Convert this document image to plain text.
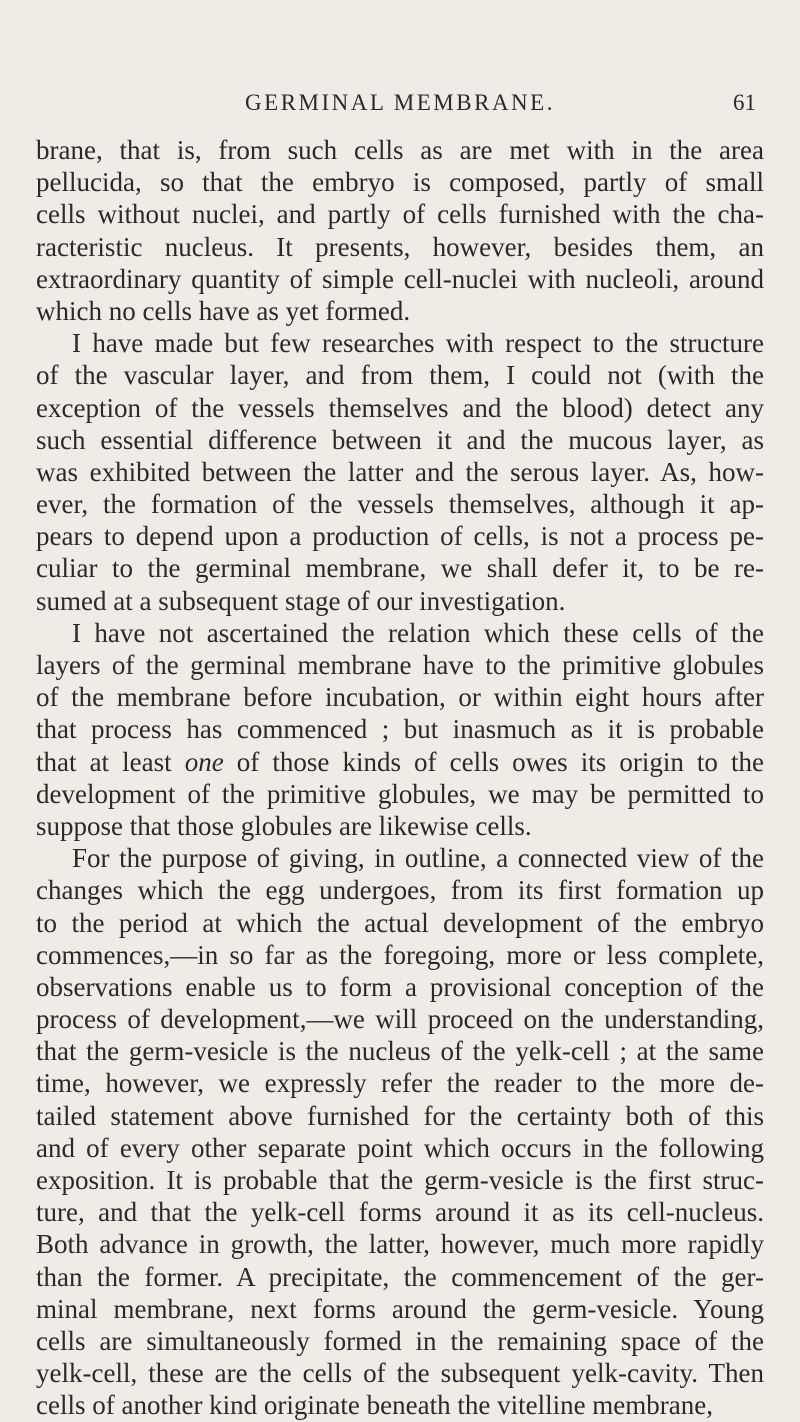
GERMINAL MEMBRANE.	61
brane, that is, from such cells as are met with in the area
pellucida, so that the embryo is composed, partly of small
cells without nuclei, and partly of cells furnished with the cha-
racteristic nucleus. It presents, however, besides them, an
extraordinary quantity of simple cell-nuclei with nucleoli, around
which no cells have as yet formed.
I have made but few researches with respect to the structure
of the vascular layer, and from them, I could not (with the
exception of the vessels themselves and the blood) detect any
such essential difference between it and the mucous layer, as
was exhibited between the latter and the serous layer. As, how-
ever, the formation of the vessels themselves, although it ap-
pears to depend upon a production of cells, is not a process pe-
culiar to the germinal membrane, we shall defer it, to be re-
sumed at a subsequent stage of our investigation.
I have not ascertained the relation which these cells of the
layers of the germinal membrane have to the primitive globules
of the membrane before incubation, or within eight hours after
that process has commenced ; but inasmuch as it is probable
that at least one of those kinds of cells owes its origin to the
development of the primitive globules, we may be permitted to
suppose that those globules are likewise cells.
For the purpose of giving, in outline, a connected view of the
changes which the egg undergoes, from its first formation up
to the period at which the actual development of the embryo
commences,—in so far as the foregoing, more or less complete,
observations enable us to form a provisional conception of the
process of development,—we will proceed on the understanding,
that the germ-vesicle is the nucleus of the yelk-cell ; at the same
time, however, we expressly refer the reader to the more de-
tailed statement above furnished for the certainty both of this
and of every other separate point which occurs in the following
exposition. It is probable that the germ-vesicle is the first struc-
ture, and that the yelk-cell forms around it as its cell-nucleus.
Both advance in growth, the latter, however, much more rapidly
than the former. A precipitate, the commencement of the ger-
minal membrane, next forms around the germ-vesicle. Young
cells are simultaneously formed in the remaining space of the
yelk-cell, these are the cells of the subsequent yelk-cavity. Then
cells of another kind originate beneath the vitelline membrane,
